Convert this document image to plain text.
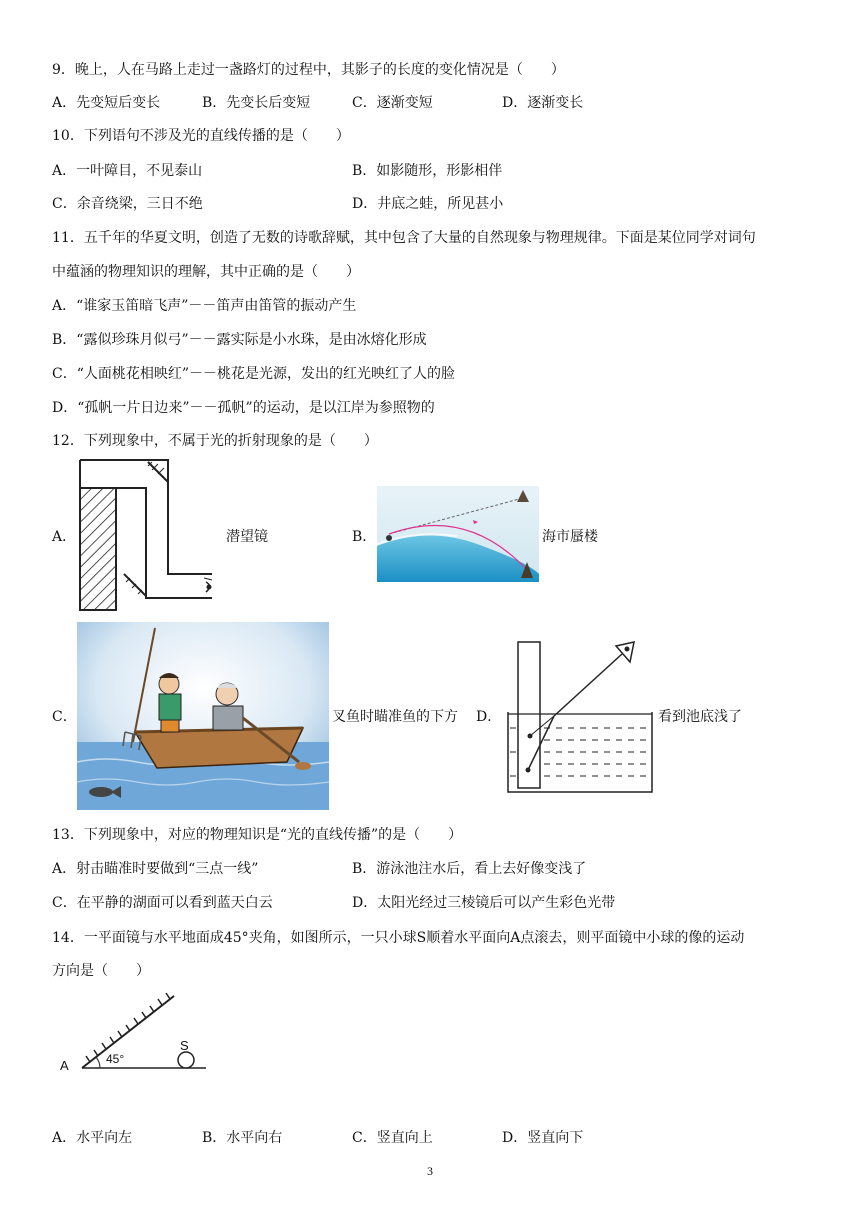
9．晚上，人在马路上走过一盏路灯的过程中，其影子的长度的变化情况是（　　）
A．先变短后变长	B．先变长后变短	C．逐渐变短	D．逐渐变长
10．下列语句不涉及光的直线传播的是（　　）
A．一叶障目，不见泰山	B．如影随形，形影相伴
C．余音绕梁，三日不绝	D．井底之蛙，所见甚小
11．五千年的华夏文明，创造了无数的诗歌辞赋，其中包含了大量的自然现象与物理规律。下面是某位同学对词句
中蕴涵的物理知识的理解，其中正确的是（　　）
A．“谁家玉笛暗飞声”－－笛声由笛管的振动产生
B．“露似珍珠月似弓”－－露实际是小水珠，是由冰熔化形成
C．“人面桃花相映红”－－桃花是光源，发出的红光映红了人的脸
D．“孤帆一片日边来”－－孤帆”的运动，是以江岸为参照物的
12．下列现象中，不属于光的折射现象的是（　　）
A．	潜望镜	B．	海市蜃楼
C．	叉鱼时瞄准鱼的下方 D．	看到池底浅了
13．下列现象中，对应的物理知识是“光的直线传播”的是（　　）
A．射击瞄准时要做到“三点一线”	B．游泳池注水后，看上去好像变浅了
C．在平静的湖面可以看到蓝天白云	D．太阳光经过三棱镜后可以产生彩色光带
14．一平面镜与水平地面成45°夹角，如图所示，一只小球S顺着水平面向A点滚去，则平面镜中小球的像的运动
方向是（　　）
A	45°
S
A．水平向左	B．水平向右	C．竖直向上	D．竖直向下
3
